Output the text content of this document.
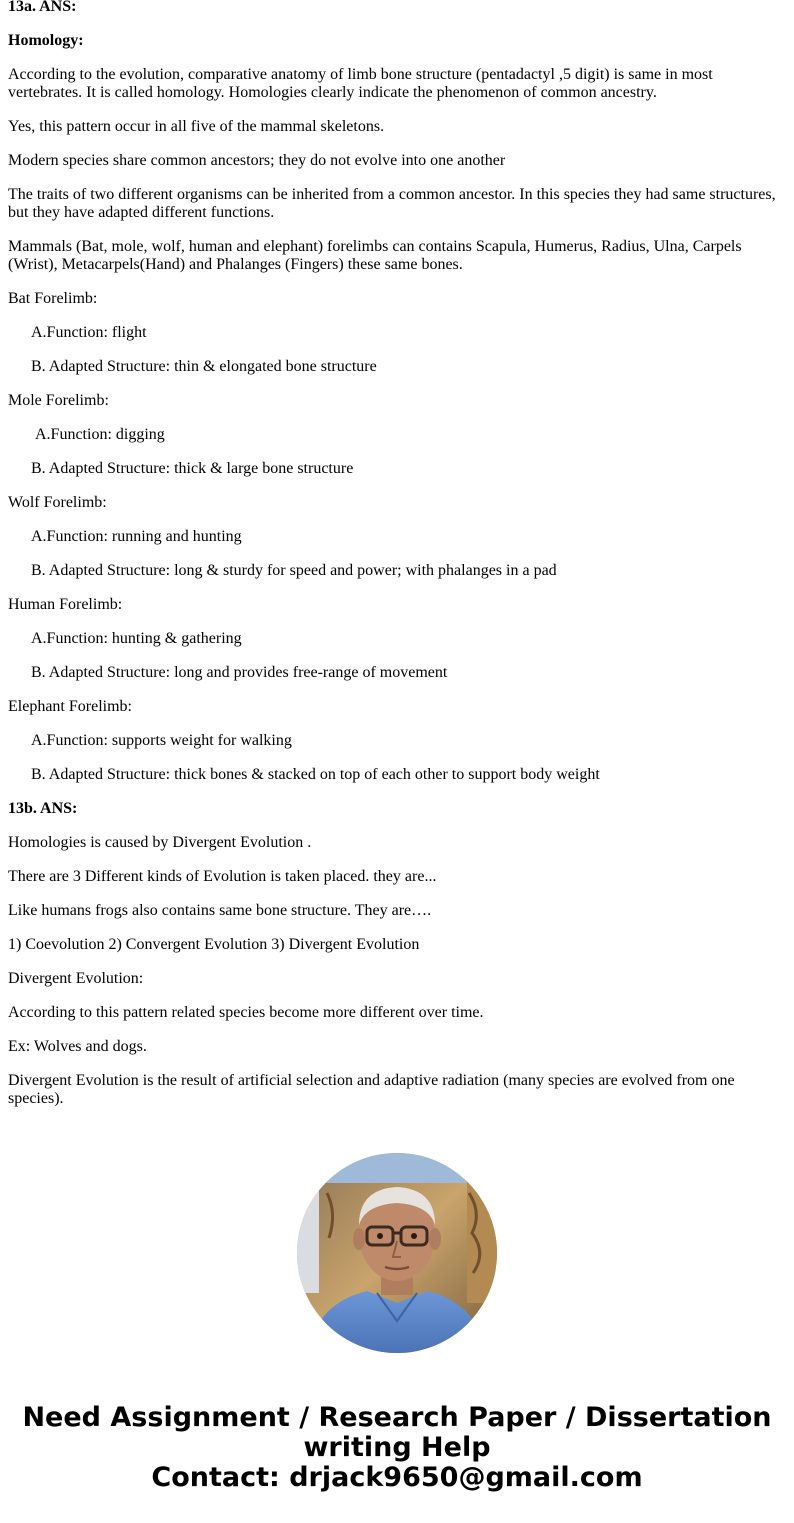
13a. ANS:

Homology:

According to the evolution, comparative anatomy of limb bone structure (pentadactyl ,5 digit) is same in most vertebrates. It is called homology. Homologies clearly indicate the phenomenon of common ancestry.

Yes, this pattern occur in all five of the mammal skeletons.

Modern species share common ancestors; they do not evolve into one another

The traits of two different organisms can be inherited from a common ancestor. In this species they had same structures, but they have adapted different functions.

Mammals (Bat, mole, wolf, human and elephant) forelimbs can contains Scapula, Humerus, Radius, Ulna, Carpels (Wrist), Metacarpels(Hand) and Phalanges (Fingers) these same bones.

Bat Forelimb:

A.Function: flight

B. Adapted Structure: thin & elongated bone structure

Mole Forelimb:

A.Function: digging

B. Adapted Structure: thick & large bone structure

Wolf Forelimb:

A.Function: running and hunting

B. Adapted Structure: long & sturdy for speed and power; with phalanges in a pad

Human Forelimb:

A.Function: hunting & gathering

B. Adapted Structure: long and provides free-range of movement

Elephant Forelimb:

A.Function: supports weight for walking

B. Adapted Structure: thick bones & stacked on top of each other to support body weight

13b. ANS:

Homologies is caused by Divergent Evolution .

There are 3 Different kinds of Evolution is taken placed. they are...

Like humans frogs also contains same bone structure. They are….

1) Coevolution 2) Convergent Evolution 3) Divergent Evolution

Divergent Evolution:

According to this pattern related species become more different over time.

Ex: Wolves and dogs.

Divergent Evolution is the result of artificial selection and adaptive radiation (many species are evolved from one species).

Need Assignment / Research Paper / Dissertation
writing Help
Contact: drjack9650@gmail.com
